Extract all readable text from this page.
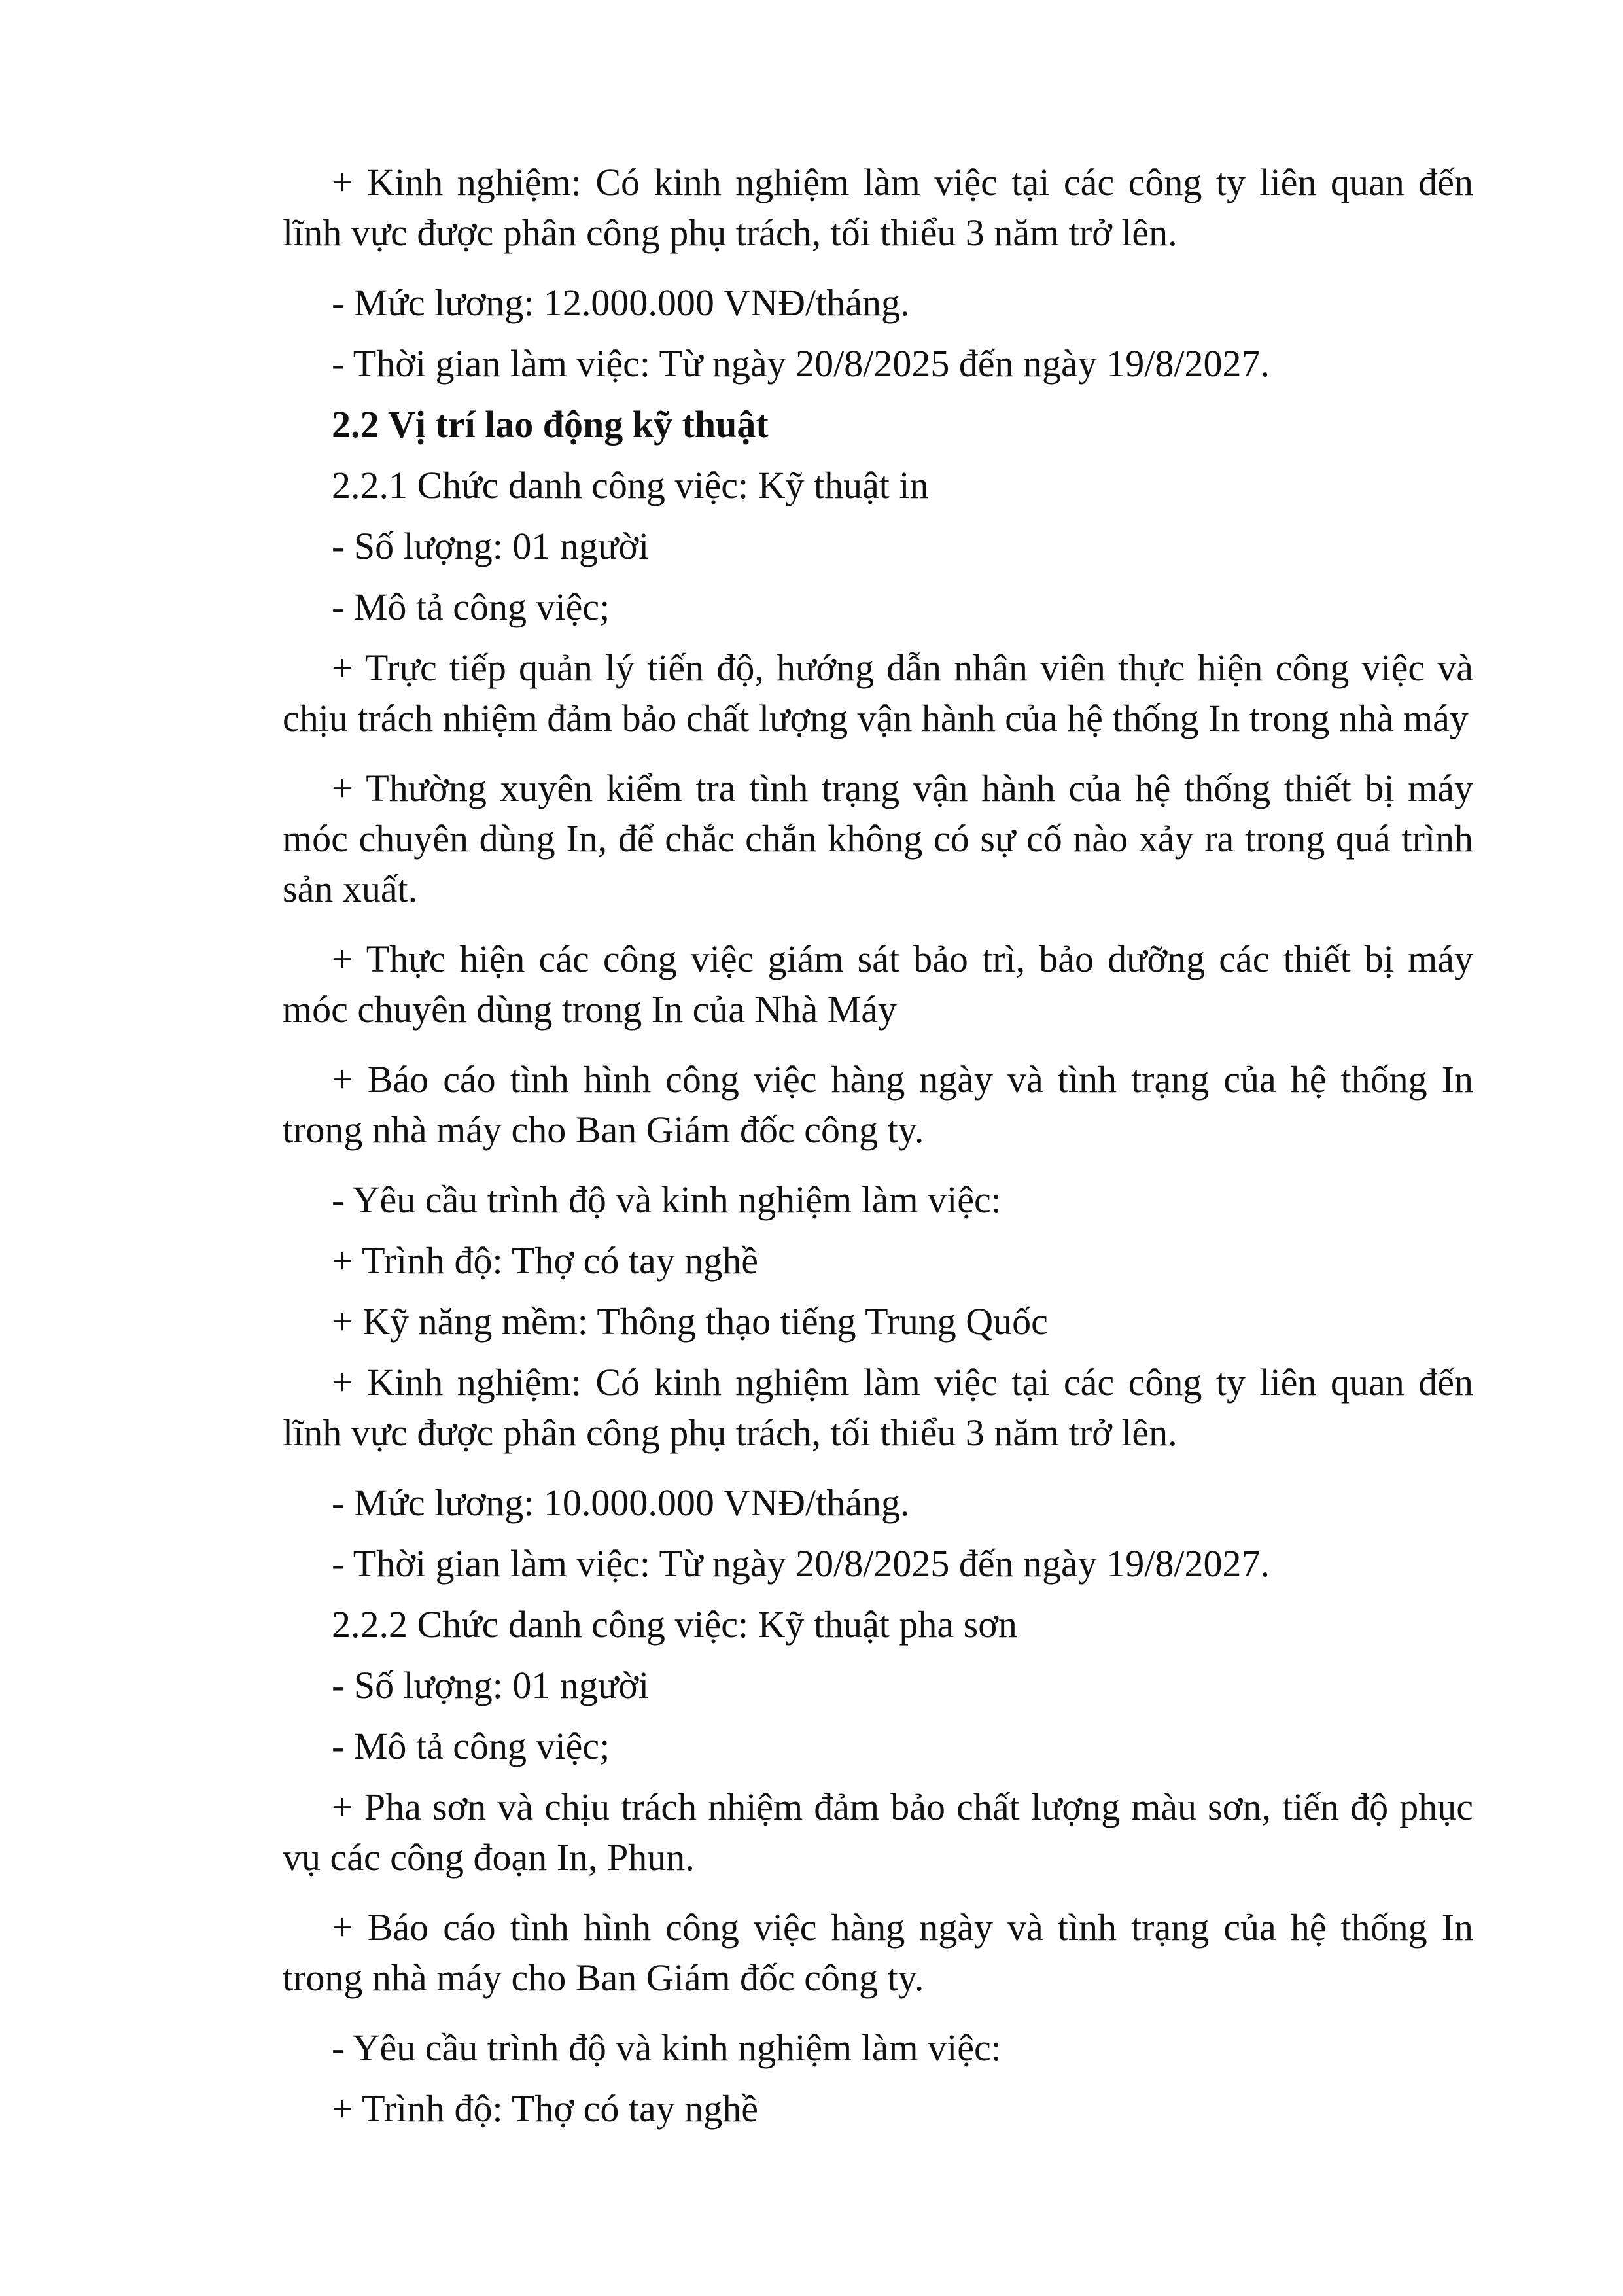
+ Kinh nghiệm: Có kinh nghiệm làm việc tại các công ty liên quan đến lĩnh vực được phân công phụ trách, tối thiểu 3 năm trở lên.

- Mức lương: 12.000.000 VNĐ/tháng.

- Thời gian làm việc: Từ ngày 20/8/2025 đến ngày 19/8/2027.

2.2 Vị trí lao động kỹ thuật

2.2.1 Chức danh công việc: Kỹ thuật in

- Số lượng: 01 người

- Mô tả công việc;

+ Trực tiếp quản lý tiến độ, hướng dẫn nhân viên thực hiện công việc và chịu trách nhiệm đảm bảo chất lượng vận hành của hệ thống In trong nhà máy

+ Thường xuyên kiểm tra tình trạng vận hành của hệ thống thiết bị máy móc chuyên dùng In, để chắc chắn không có sự cố nào xảy ra trong quá trình sản xuất.

+ Thực hiện các công việc giám sát bảo trì, bảo dưỡng các thiết bị máy móc chuyên dùng trong In của Nhà Máy

+ Báo cáo tình hình công việc hàng ngày và tình trạng của hệ thống In trong nhà máy cho Ban Giám đốc công ty.

- Yêu cầu trình độ và kinh nghiệm làm việc:

+ Trình độ: Thợ có tay nghề

+ Kỹ năng mềm: Thông thạo tiếng Trung Quốc

+ Kinh nghiệm: Có kinh nghiệm làm việc tại các công ty liên quan đến lĩnh vực được phân công phụ trách, tối thiểu 3 năm trở lên.

- Mức lương: 10.000.000 VNĐ/tháng.

- Thời gian làm việc: Từ ngày 20/8/2025 đến ngày 19/8/2027.

2.2.2 Chức danh công việc: Kỹ thuật pha sơn

- Số lượng: 01 người

- Mô tả công việc;

+ Pha sơn và chịu trách nhiệm đảm bảo chất lượng màu sơn, tiến độ phục vụ các công đoạn In, Phun.

+ Báo cáo tình hình công việc hàng ngày và tình trạng của hệ thống In trong nhà máy cho Ban Giám đốc công ty.

- Yêu cầu trình độ và kinh nghiệm làm việc:

+ Trình độ: Thợ có tay nghề
